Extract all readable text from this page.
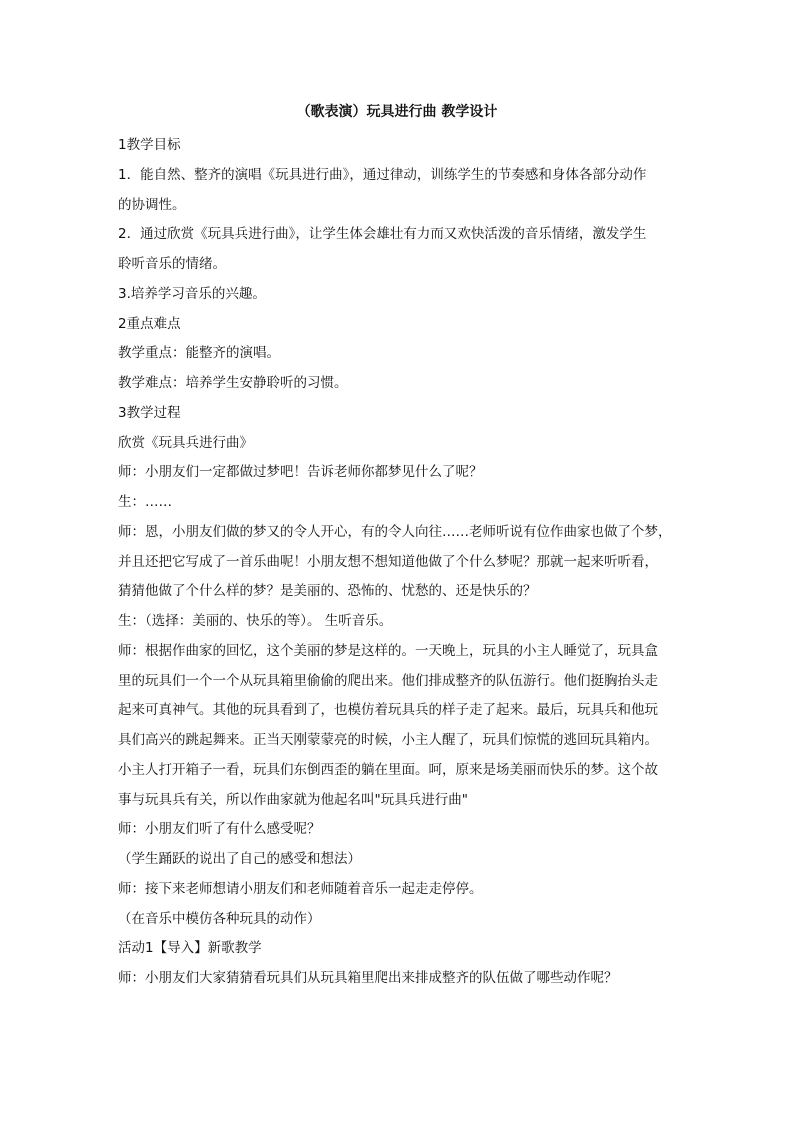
（歌表演）玩具进行曲 教学设计
1教学目标
1．能自然、整齐的演唱《玩具进行曲》，通过律动，训练学生的节奏感和身体各部分动作
的协调性。
2．通过欣赏《玩具兵进行曲》，让学生体会雄壮有力而又欢快活泼的音乐情绪，激发学生
聆听音乐的情绪。
3.培养学习音乐的兴趣。
2重点难点
教学重点：能整齐的演唱。
教学难点：培养学生安静聆听的习惯。
3教学过程
欣赏《玩具兵进行曲》
师：小朋友们一定都做过梦吧！告诉老师你都梦见什么了呢？
生：……
师：恩，小朋友们做的梦又的令人开心，有的令人向往……老师听说有位作曲家也做了个梦，
并且还把它写成了一首乐曲呢！小朋友想不想知道他做了个什么梦呢？那就一起来听听看，
猜猜他做了个什么样的梦？是美丽的、恐怖的、忧愁的、还是快乐的？
生：（选择：美丽的、快乐的等）。 生听音乐。
师：根据作曲家的回忆，这个美丽的梦是这样的。一天晚上，玩具的小主人睡觉了，玩具盒
里的玩具们一个一个从玩具箱里偷偷的爬出来。他们排成整齐的队伍游行。他们挺胸抬头走
起来可真神气。其他的玩具看到了，也模仿着玩具兵的样子走了起来。最后，玩具兵和他玩
具们高兴的跳起舞来。正当天刚蒙蒙亮的时候，小主人醒了，玩具们惊慌的逃回玩具箱内。
小主人打开箱子一看，玩具们东倒西歪的躺在里面。呵，原来是场美丽而快乐的梦。这个故
事与玩具兵有关，所以作曲家就为他起名叫"玩具兵进行曲"
师：小朋友们听了有什么感受呢？
（学生踊跃的说出了自己的感受和想法）
师：接下来老师想请小朋友们和老师随着音乐一起走走停停。
（在音乐中模仿各种玩具的动作）
活动1【导入】新歌教学
师：小朋友们大家猜猜看玩具们从玩具箱里爬出来排成整齐的队伍做了哪些动作呢？
